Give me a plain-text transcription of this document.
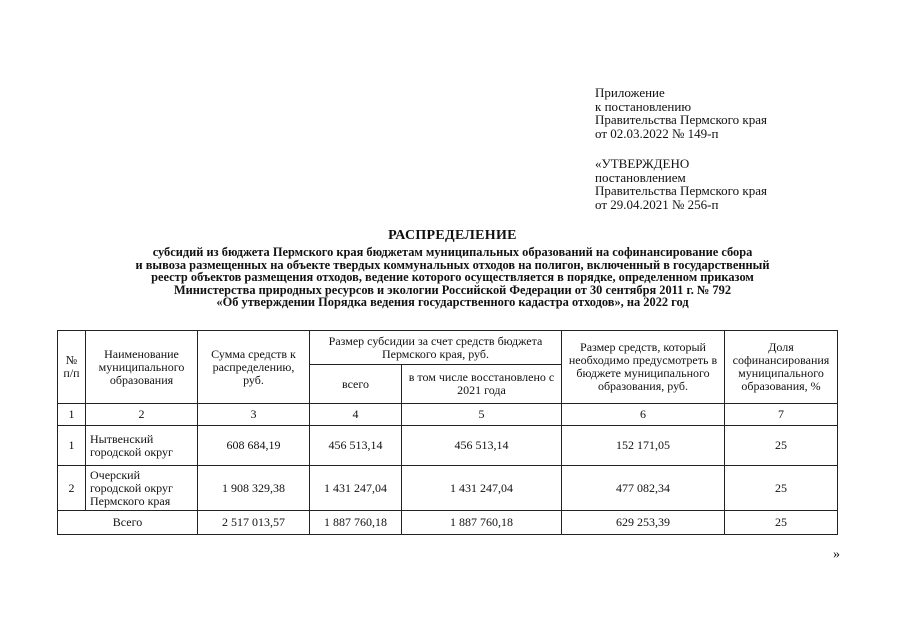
Приложение
к постановлению
Правительства Пермского края
от 02.03.2022 № 149-п
«УТВЕРЖДЕНО
постановлением
Правительства Пермского края
от 29.04.2021 № 256-п
РАСПРЕДЕЛЕНИЕ
субсидий из бюджета Пермского края бюджетам муниципальных образований на софинансирование сбора
и вывоза размещенных на объекте твердых коммунальных отходов на полигон, включенный в государственный
реестр объектов размещения отходов, ведение которого осуществляется в порядке, определенном приказом
Министерства природных ресурсов и экологии Российской Федерации от 30 сентября 2011 г. № 792
«Об утверждении Порядка ведения государственного кадастра отходов», на 2022 год
№ п/п	Наименование муниципального образования	Сумма средств к распределению, руб.	Размер субсидии за счет средств бюджета Пермского края, руб.		Размер средств, который необходимо предусмотреть в бюджете муниципального образования, руб.	Доля софинансирования муниципального образования, %
			всего	в том числе восстановлено с 2021 года		
1	2	3	4	5	6	7
1	Нытвенский городской округ	608 684,19	456 513,14	456 513,14	152 171,05	25
2	Очерский городской округ Пермского края	1 908 329,38	1 431 247,04	1 431 247,04	477 082,34	25
Всего		2 517 013,57	1 887 760,18	1 887 760,18	629 253,39	25
»
